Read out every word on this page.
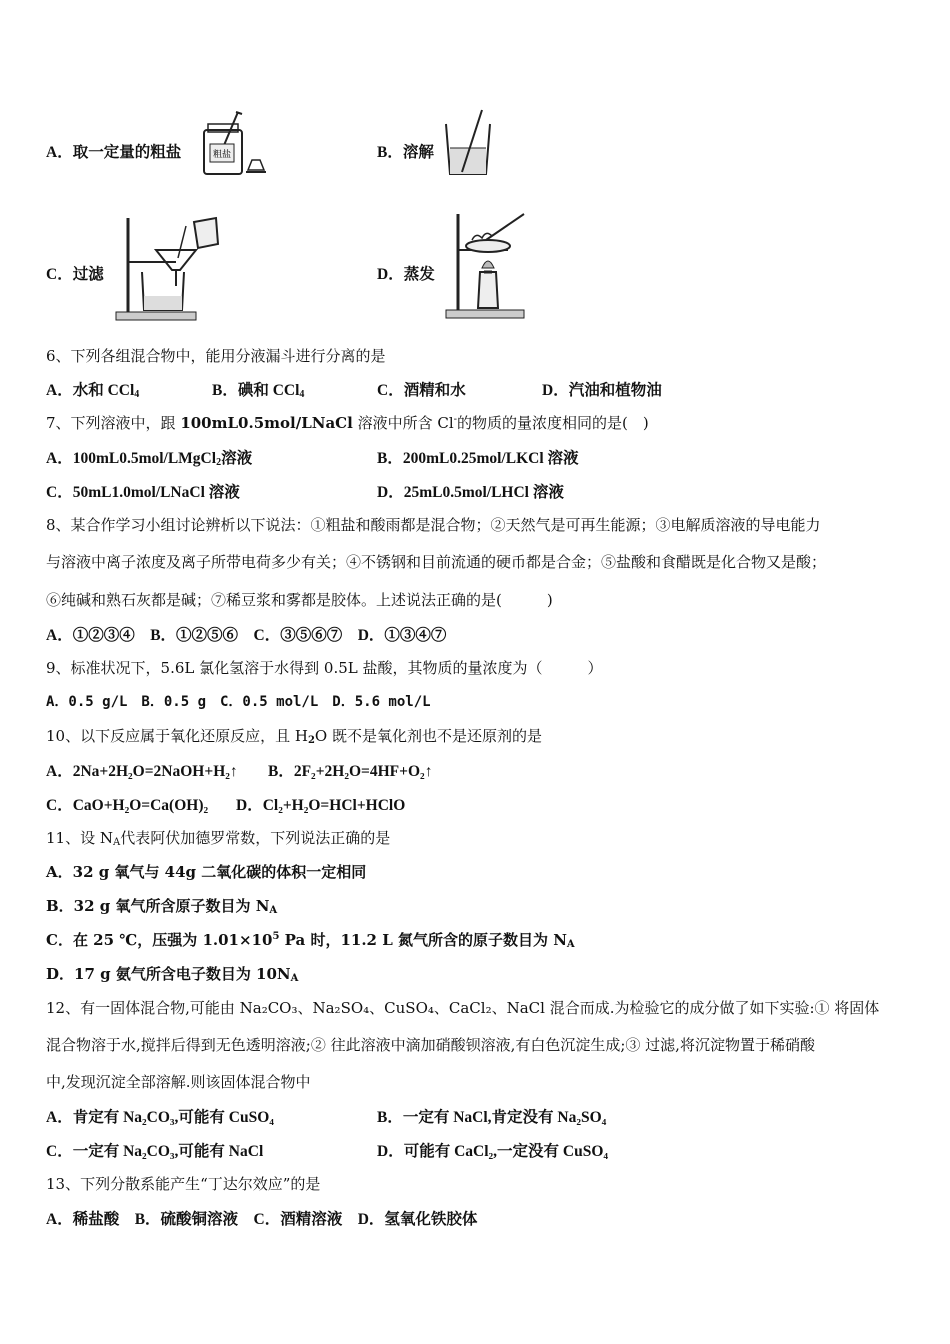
A．取一定量的粗盐	粗盐	B．溶解
C．过滤	D．蒸发
6、下列各组混合物中，能用分液漏斗进行分离的是
A．水和 CCl$_4$	B．碘和 CCl$_4$	C．酒精和水	D．汽油和植物油
7、下列溶液中，跟 100mL0.5mol/LNaCl 溶液中所含 Cl-的物质的量浓度相同的是(　)
A．100mL0.5mol/LMgCl$_2$溶液	B．200mL0.25mol/LKCl 溶液
C．50mL1.0mol/LNaCl 溶液	D．25mL0.5mol/LHCl 溶液
8、某合作学习小组讨论辨析以下说法：①粗盐和酸雨都是混合物；②天然气是可再生能源；③电解质溶液的导电能力
与溶液中离子浓度及离子所带电荷多少有关；④不锈钢和目前流通的硬币都是合金；⑤盐酸和食醋既是化合物又是酸；
⑥纯碱和熟石灰都是碱；⑦稀豆浆和雾都是胶体。上述说法正确的是(　　　)
A．①②③④　B．①②⑤⑥　C．③⑤⑥⑦　D．①③④⑦
9、标准状况下，5.6L 氯化氢溶于水得到 0.5L 盐酸，其物质的量浓度为（　　　）
A．0.5 g/L　B．0.5 g　C．0.5 mol/L　D．5.6 mol/L
10、以下反应属于氧化还原反应，且 $H_2O$ 既不是氧化剂也不是还原剂的是
A．2Na+2H₂O=2NaOH+H₂↑ B．2F₂+2H₂O=4HF+O₂↑
C．CaO+H₂O=Ca(OH)₂ D．Cl₂+H₂O=HCl+HClO
11、设 $N_A$代表阿伏加德罗常数，下列说法正确的是
A．32 g 氧气与 44g 二氧化碳的体积一定相同
B．32 g 氧气所含原子数目为 $N_A$
C．在 25 ℃，压强为 $1.01\times 10^5$ Pa 时，11.2 L 氮气所含的原子数目为 $N_A$
D．17 g 氨气所含电子数目为 $10N_A$
12、有一固体混合物,可能由 Na₂CO₃、Na₂SO₄、CuSO₄、CaCl₂、NaCl 混合而成.为检验它的成分做了如下实验:① 将固体
混合物溶于水,搅拌后得到无色透明溶液;② 往此溶液中滴加硝酸钡溶液,有白色沉淀生成;③ 过滤,将沉淀物置于稀硝酸
中,发现沉淀全部溶解.则该固体混合物中
A．肯定有 Na₂CO₃,可能有 CuSO₄	B．一定有 NaCl,肯定没有 Na₂SO₄
C．一定有 Na₂CO₃,可能有 NaCl	D．可能有 CaCl₂,一定没有 CuSO₄
13、下列分散系能产生“丁达尔效应”的是
A．稀盐酸　B．硫酸铜溶液　C．酒精溶液　D．氢氧化铁胶体
